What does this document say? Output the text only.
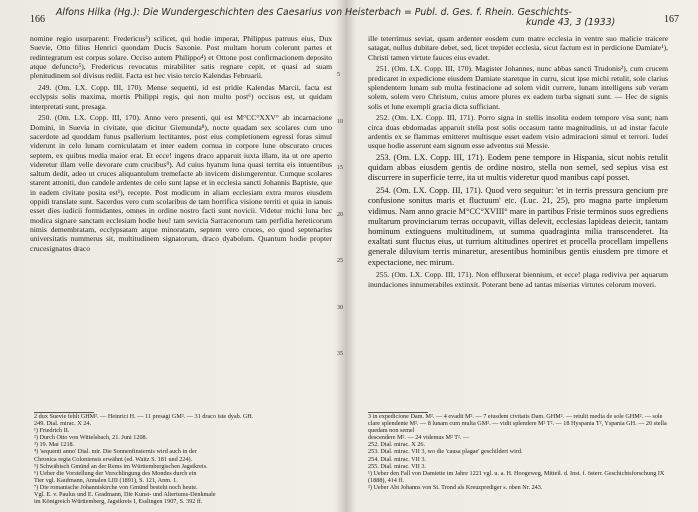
166	167
Alfons Hilka (Hg.): Die Wundergeschichten des Caesarius von Heisterbach = Publ. d. Ges. f. Rhein. Geschichts-
kunde 43, 3 (1933)

nomine regio usurparent: Fredericus³) scilicet, qui hodie imperat, Philippus patruus eius, Dux Suevie, Otto filius Henrici quondam Ducis Saxonie. Post multam horum colerunt partes et redintegratum est corpus solare. Occiso autem Philippo⁴) et Ottone post confirmacionem deposito atque defuncto⁵), Fredericus revocatus mirabiliter satis regnare cepit, et quasi ad suam plenitudinem sol divisus rediit. Facta est hec visio tercio Kalendas Februarii.

249. (Om. LX. Copp. III, 170). Mense sequenti, id est pridie Kalendas Marcii, facta est ecclypsis solis maxima, mortis Philippi regis, qui non multo post⁶) occisus est, ut quidam interpretati sunt, presaga.

250. (Om. LX. Copp. III, 170). Anno vero presenti, qui est M°CC°XXV° ab incarnacione Domini, in Suevia in civitate, que dicitur Giemunda⁸), nocte quadam sex scolares cum uno sacerdote ad quoddam funus psallerium lectitantes, post eius completionem egressi foras simul viderunt in celo lunam corniculatam et inter eadem cornua in corpore lune obscurato cruces septem, ex quibus media maior erat. Et ecce! ingens draco apparuit iuxta illam, ita ut ore aperto videretur illam velle devorare cum crucibus⁹). Ad cuius hyatum luna quasi territa eis intuentibus saltum dedit, adeo ut cruces aliquantulum tremefacte ab invicem disiungerentur. Cumque scolares starent attoniti, duo candele ardentes de celo sunt lapse et in ecclesia sancti Johannis Baptiste, que in eadem civitate posita est¹), recepte. Post modicum in aliam ecclesiam extra muros eiusdem oppidi translate sunt. Sacerdos vero cum scolaribus de tam horrifica visione territi et quia in ianuis esset dies iudicii formidantes, omnes in ordine nostro facti sunt novicii. Videtur michi luna hec modica signare sanctam ecclesiam hodie heu! tam sevicia Sarracenorum tam perfidia hereticorum nimis demembratam, ecclypsatam atque minoratam, septem vero cruces, eo quod septenarius universitatis nummerus sit, multitudinem signatorum, draco dyabolum. Quantum hodie propter crucesignatos draco

5
10
15
20
25
30
35

ille teterrimus seviat, quam ardenter eosdem cum matre ecclesia in ventre suo malicie traicere satagat, nullus dubitare debet, sed, licet trepidet ecclesia, sicut factum est in perdicione Damiate¹), Christi tamen virtute fauces eius evadet.

251. (Om. LX. Copp. III, 170). Magister Johannes, nunc abbas sancti Trudonis²), cum crucem predicaret in expedicione eiusdem Damiate staretque in curru, sicut ipse michi retulit, sole clarius splendentem lunam sub multa festinacione ad solem vidit currere, lunam intelligens sub veram solem, solem vero Christum, cuius amore plures ex eadem turba signati sunt. — Hec de signis solis et lune exempli gracia dicta sufficiant.

252. (Om. LX. Copp. III, 171). Porro signa in stellis insolita eodem tempore visa sunt; nam circa duas ebdomadas apparuit stella post solis occasum tante magnitudinis, ut ad instar facule ardentis ex se flammas emitteret multisque esset eadem visio admiracioni simul et terrori. Iudei usque hodie asserunt eam signum esse adventus sui Messie.

253. (Om. LX. Copp. III, 171). Eodem pene tempore in Hispania, sicut nobis retulit quidam abbas eiusdem gentis de ordine nostro, stella non semel, sed sepius visa est discurrere in superficie terre, ita ut multis videretur quod manibus capi posset.

254. (Om. LX. Copp. III, 171). Quod vero sequitur: 'et in terris pressura gencium pre confusione sonitus maris et fluctuum' etc. (Luc. 21, 25), pro magna parte impletum vidimus. Nam anno gracie M°CC°XVIII° mare in partibus Frisie terminos suos egrediens multarum provinciarum terras occupavit, villas delevit, ecclesias lapideas deiecit, tantam hominum extinguens multitudinem, ut summa quadraginta milia transcenderet. Ita exaltati sunt fluctus eius, ut turrium altitudines operiret et procella procellam impellens generale diluvium terris minaretur, aresentibus hominibus gentis eiusdem pre timore et expectacione, nec mirum.

255. (Om. LX. Copp. III, 171). Non effluxerat biennium, et ecce! plaga rediviva per aquarum inundaciones innumerabiles extinxit. Poterant bene ad tantas miserias virtutes celorum moveri.

2 dux Suevie fehlt GHM². — Heinrici H. — 11 presagi GM². — 31 draco iste dyab. GH.
249. Dial. mirac. X 24.
¹) Friedrich II.
²) Durch Otto von Wittelsbach, 21. Juni 1208.
³) 19. Mai 1218.
⁴) 'sequenti anno' Dial. mir. Die Sonnenfinsternis wird auch in der
Chronica regia Coloniensis erwähnt (ed. Waitz S. 181 und 224).
⁵) Schwäbisch Gmünd an der Rems im Württembergischen Jagstkreis.
⁶) Ueber die Vorstellung der Verschlingung des Mondes durch ein
Tier vgl. Kaufmann, Annalen LIII (1891), S. 121, Anm. 1.
⁷) Die romanische Johanniskirche von Gmünd besteht noch heute.
Vgl. E. v. Paulus und E. Gradmann, Die Kunst- und Altertums-Denkmale
im Königreich Württemberg, Jagstkreis I, Esslingen 1907, S. 392 ff.
3 in expedicione Dam. M². — 4 evadit M². — 7 eiusdem civitatis Dam. GHM². — retulit media de sole GHM². — sole clare splendente M². — 8 lunam cum multa GM². — vidit splendere M² T². — 18 Hyspania T², Yspania GH. — 20 stella quedam non semel
descendere M². — 24 videmus M² T². —
252. Dial. mirac. X 26.
253. Dial. mirac. VII 3, wo die 'causa plagae' geschildert wird.
254. Dial. mirac. VII 3.
255. Dial. mirac. VII 3.
¹) Ueber den Fall von Damiette im Jahre 1221 vgl. u. a. H. Hoogeweg, Mitteil. d. Inst. f. österr. Geschichtsforschung IX (1888), 414 ff.
²) Ueber Abt Johanns von St. Trond als Kreuzprediger s. oben Nr. 243.
